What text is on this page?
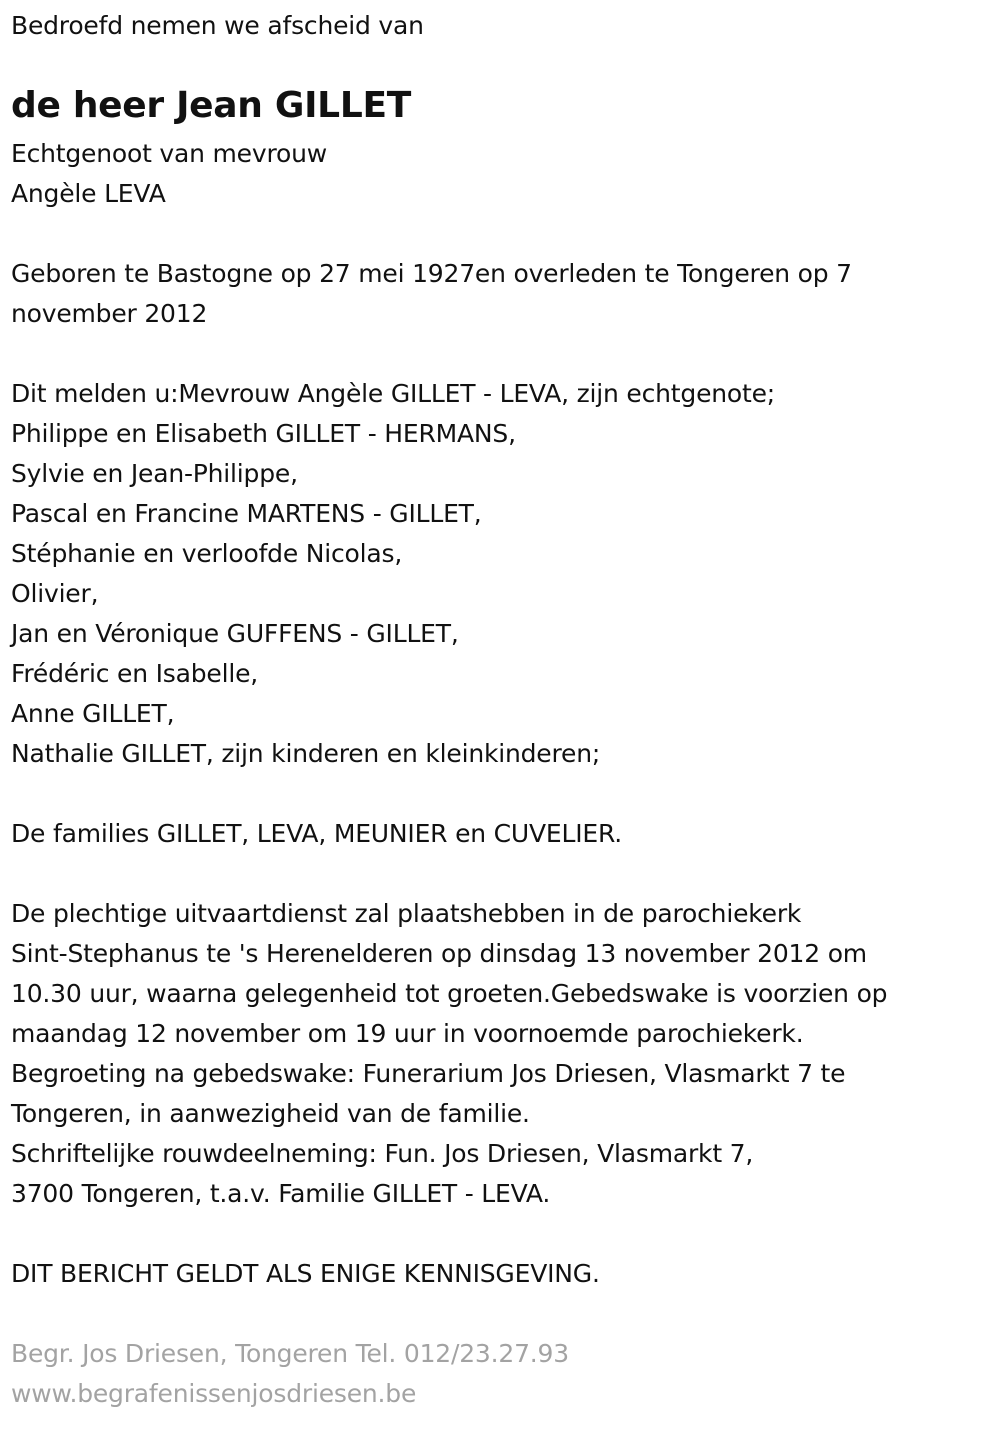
Bedroefd nemen we afscheid van
de heer Jean GILLET
Echtgenoot van mevrouw
Angèle LEVA
Geboren te Bastogne op 27 mei 1927en overleden te Tongeren op 7
november 2012
Dit melden u:Mevrouw Angèle GILLET - LEVA, zijn echtgenote;
Philippe en Elisabeth GILLET - HERMANS,
Sylvie en Jean-Philippe,
Pascal en Francine MARTENS - GILLET,
Stéphanie en verloofde Nicolas,
Olivier,
Jan en Véronique GUFFENS - GILLET,
Frédéric en Isabelle,
Anne GILLET,
Nathalie GILLET, zijn kinderen en kleinkinderen;
De families GILLET, LEVA, MEUNIER en CUVELIER.
De plechtige uitvaartdienst zal plaatshebben in de parochiekerk
Sint-Stephanus te 's Herenelderen op dinsdag 13 november 2012 om
10.30 uur, waarna gelegenheid tot groeten.Gebedswake is voorzien op
maandag 12 november om 19 uur in voornoemde parochiekerk.
Begroeting na gebedswake: Funerarium Jos Driesen, Vlasmarkt 7 te
Tongeren, in aanwezigheid van de familie.
Schriftelijke rouwdeelneming: Fun. Jos Driesen, Vlasmarkt 7,
3700 Tongeren, t.a.v. Familie GILLET - LEVA.
DIT BERICHT GELDT ALS ENIGE KENNISGEVING.
Begr. Jos Driesen, Tongeren Tel. 012/23.27.93
www.begrafenissenjosdriesen.be
